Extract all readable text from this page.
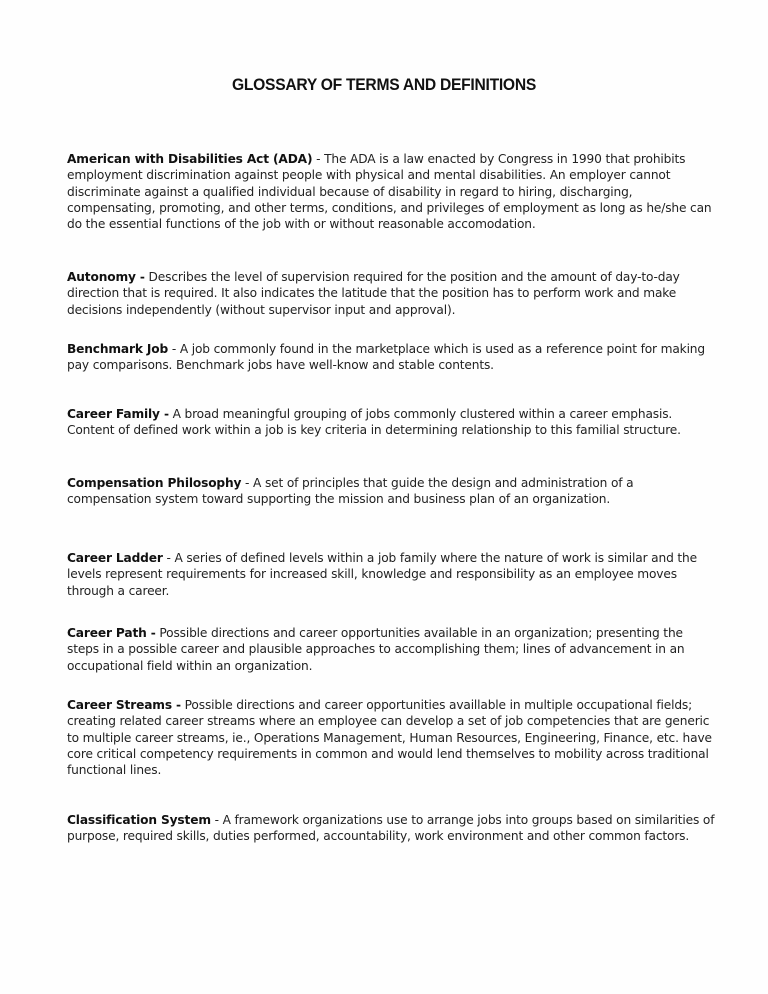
GLOSSARY OF TERMS AND DEFINITIONS

American with Disabilities Act (ADA) - The ADA is a law enacted by Congress in 1990 that prohibits employment discrimination against people with physical and mental disabilities. An employer cannot discriminate against a qualified individual because of disability in regard to hiring, discharging, compensating, promoting, and other terms, conditions, and privileges of employment as long as he/she can do the essential functions of the job with or without reasonable accomodation.

Autonomy - Describes the level of supervision required for the position and the amount of day-to-day direction that is required. It also indicates the latitude that the position has to perform work and make decisions independently (without supervisor input and approval).

Benchmark Job - A job commonly found in the marketplace which is used as a reference point for making pay comparisons. Benchmark jobs have well-know and stable contents.

Career Family - A broad meaningful grouping of jobs commonly clustered within a career emphasis. Content of defined work within a job is key criteria in determining relationship to this familial structure.

Compensation Philosophy - A set of principles that guide the design and administration of a compensation system toward supporting the mission and business plan of an organization.

Career Ladder - A series of defined levels within a job family where the nature of work is similar and the levels represent requirements for increased skill, knowledge and responsibility as an employee moves through a career.

Career Path - Possible directions and career opportunities available in an organization; presenting the steps in a possible career and plausible approaches to accomplishing them; lines of advancement in an occupational field within an organization.

Career Streams - Possible directions and career opportunities availlable in multiple occupational fields; creating related career streams where an employee can develop a set of job competencies that are generic to multiple career streams, ie., Operations Management, Human Resources, Engineering, Finance, etc. have core critical competency requirements in common and would lend themselves to mobility across traditional functional lines.

Classification System - A framework organizations use to arrange jobs into groups based on similarities of purpose, required skills, duties performed, accountability, work environment and other common factors.
